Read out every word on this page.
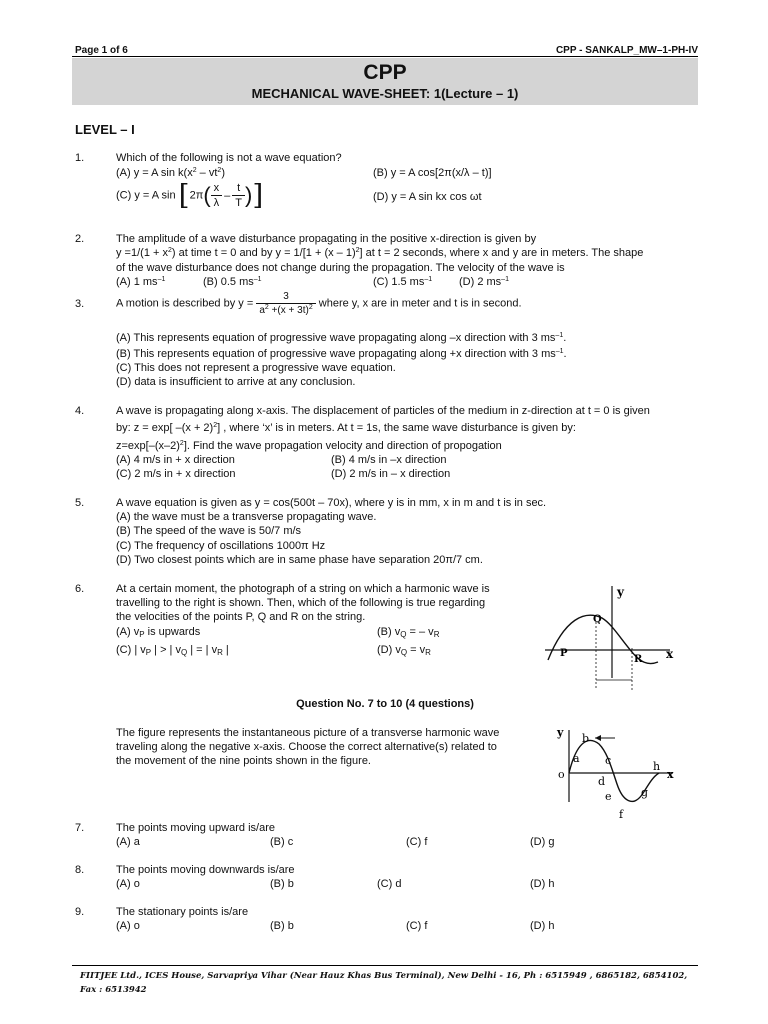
Page 1 of 6	CPP - SANKALP_MW–1-PH-IV
CPP
MECHANICAL WAVE-SHEET: 1(Lecture – 1)
LEVEL – I
1.	Which of the following is not a wave equation?
(A) y = A $\sin k(x^2 - vt^2)$	(B) y = A cos[2π(x/λ – t)]
(C) y = A $\sin [2\pi( \frac{x}{\lambda} - \frac{t}{T}$ )]	(D) y = A sin kx cos ωt
2.	The amplitude of a wave disturbance propagating in the positive x-direction is given by
$y =1/(1 + x^2)$ at time t = 0 and by y = 1/[1 + (x – 1)$^2$] at t = 2 seconds, where x and y are in meters. The shape
of the wave disturbance does not change during the propagation. The velocity of the wave is
(A) 1 $ms^{-1}$	(B) 0.5 $ms^{-1}$	(C) 1.5 $ms^{-1}$ (D) 2 $ms^{-1}$
3.	A motion is described by $y = \frac{3}{a^2 +(x + 3t)^2}$ where y, x are in meter and t is in second.
(A) This represents equation of progressive wave propagating along –x direction with 3 $ms^{-1}$.
(B) This represents equation of progressive wave propagating along +x direction with 3 $ms^{-1}$.
(C) This does not represent a progressive wave equation.
(D) data is insufficient to arrive at any conclusion.
4.	A wave is propagating along x-axis. The displacement of particles of the medium in z-direction at t = 0 is given
by: z = exp[ $-(x + 2)^2$] , where ‘x’ is in meters. At t = 1s, the same wave disturbance is given by:
$z=\exp[-(x-2)^2]$. Find the wave propagation velocity and direction of propogation
(A) 4 m/s in + x direction	(B) 4 m/s in –x direction
(C) 2 m/s in + x direction	(D) 2 m/s in – x direction
5.	A wave equation is given as y = cos(500t – 70x), where y is in mm, x in m and t is in sec.
(A) the wave must be a transverse propagating wave.
(B) The speed of the wave is 50/7 m/s
(C) The frequency of oscillations 1000π Hz
(D) Two closest points which are in same phase have separation 20π/7 cm.
6.	At a certain moment, the photograph of a string on which a harmonic wave is
travelling to the right is shown. Then, which of the following is true regarding
the velocities of the points P, Q and R on the string.
(A) $v_P$ is upwards	(B) $v_Q$ = – $v_R$
(C) | $v_P$ | > | $v_Q$ | = | $v_R$ |	(D) $v_Q = v_R$
y
x
P
Q
R
Question No. 7 to 10 (4 questions)
The figure represents the instantaneous picture of a transverse harmonic wave
traveling along the negative x-axis. Choose the correct alternative(s) related to
the movement of the nine points shown in the figure.
y
x
o
a
b
c
d
e
f
g
h
7.	The points moving upward is/are
(A) a	(B) c	(C) f	(D) g
8.	The points moving downwards is/are
(A) o	(B) b	(C) d	(D) h
9.	The stationary points is/are
(A) o	(B) b	(C) f	(D) h
FIITJEE Ltd., ICES House, Sarvapriya Vihar (Near Hauz Khas Bus Terminal), New Delhi - 16, Ph : 6515949 , 6865182, 6854102, Fax : 6513942
